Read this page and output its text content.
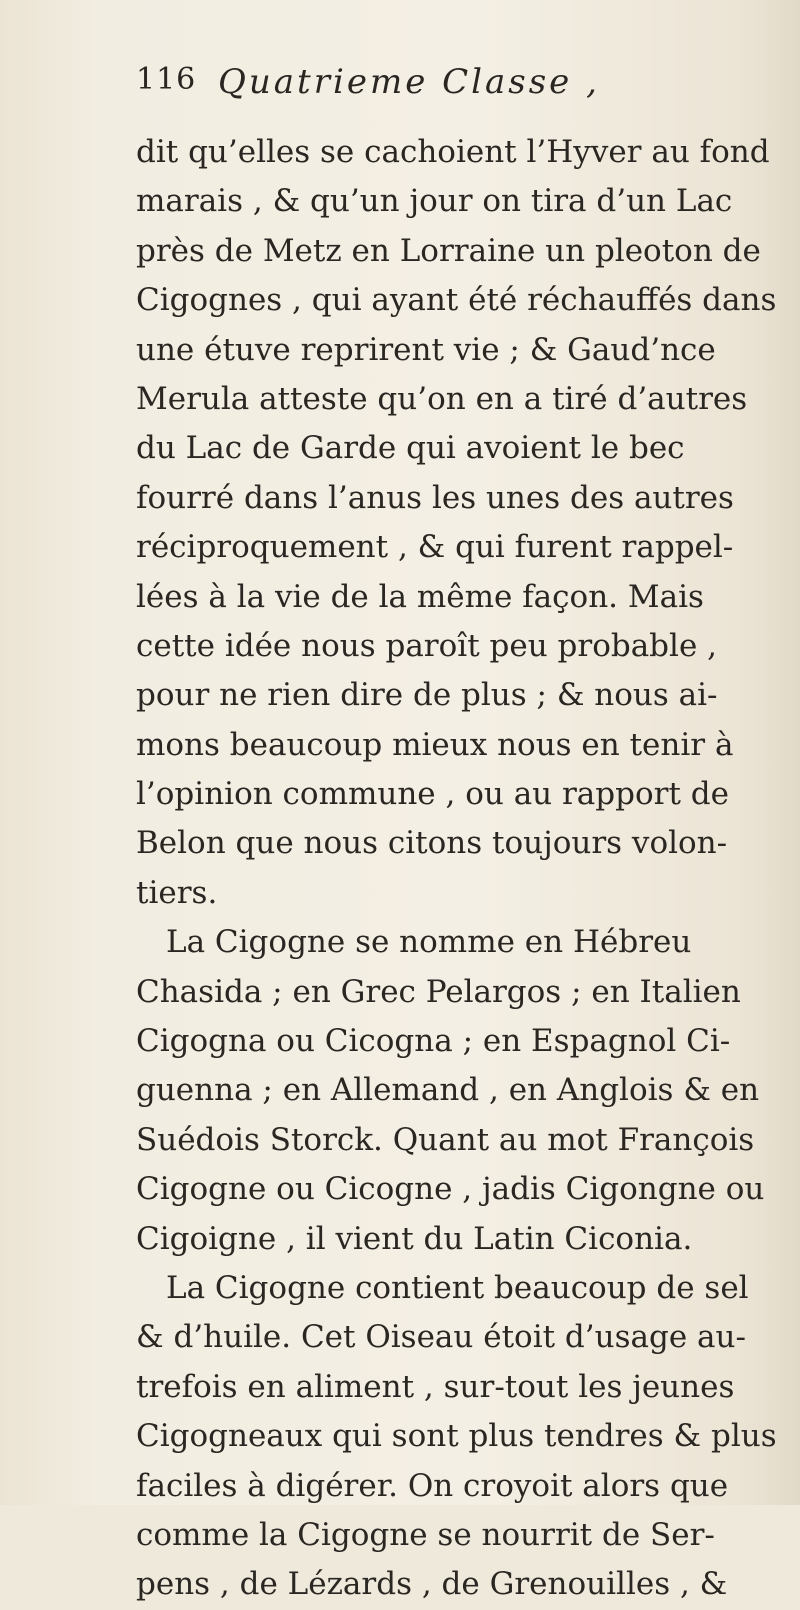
116 Quatrieme Classe ,
dit qu’elles se cachoient l’Hyver au fond
marais , & qu’un jour on tira d’un Lac
près de Metz en Lorraine un pleoton de
Cigognes , qui ayant été réchauffés dans
une étuve reprirent vie ; & Gaud’nce
Merula atteste qu’on en a tiré d’autres
du Lac de Garde qui avoient le bec
fourré dans l’anus les unes des autres
réciproquement , & qui furent rappel-
lées à la vie de la même façon. Mais
cette idée nous paroît peu probable ,
pour ne rien dire de plus ; & nous ai-
mons beaucoup mieux nous en tenir à
l’opinion commune , ou au rapport de
Belon que nous citons toujours volon-
tiers.
La Cigogne se nomme en Hébreu
Chasida ; en Grec Pelargos ; en Italien
Cigogna ou Cicogna ; en Espagnol Ci-
guenna ; en Allemand , en Anglois & en
Suédois Storck. Quant au mot François
Cigogne ou Cicogne , jadis Cigongne ou
Cigoigne , il vient du Latin Ciconia.
La Cigogne contient beaucoup de sel
& d’huile. Cet Oiseau étoit d’usage au-
trefois en aliment , sur-tout les jeunes
Cigogneaux qui sont plus tendres & plus
faciles à digérer. On croyoit alors que
comme la Cigogne se nourrit de Ser-
pens , de Lézards , de Grenouilles , &
